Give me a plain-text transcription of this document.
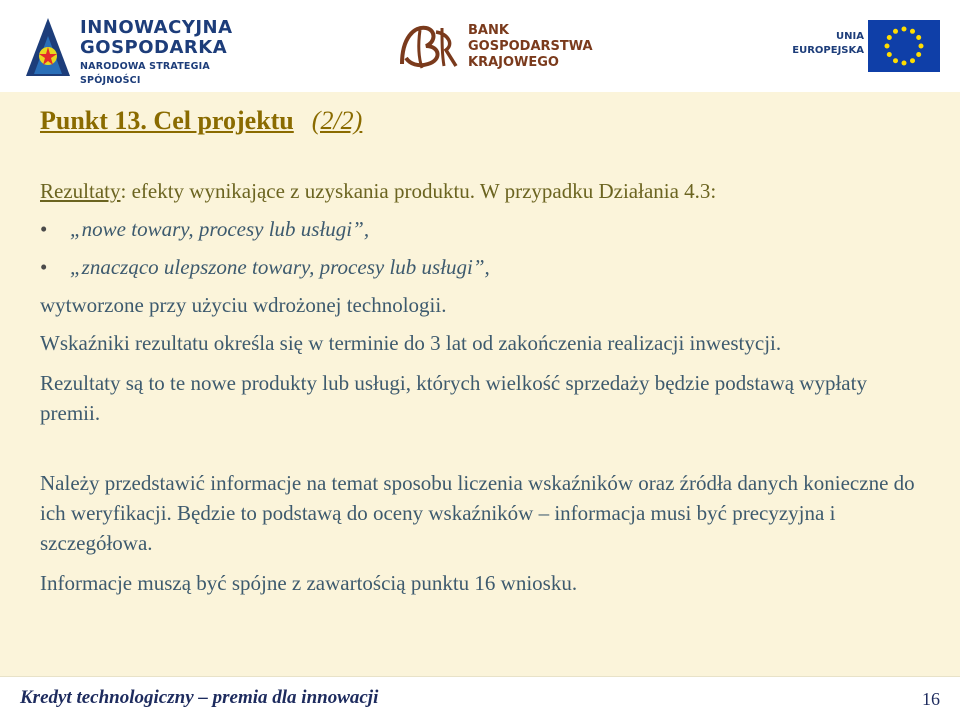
INNOWACYJNA
GOSPODARKA
NARODOWA STRATEGIA SPÓJNOŚCI
BANK
GOSPODARSTWA
KRAJOWEGO
UNIA
EUROPEJSKA
Punkt 13. Cel projektu (2/2)

Rezultaty: efekty wynikające z uzyskania produktu. W przypadku Działania 4.3:

• „nowe towary, procesy lub usługi”,

• „znacząco ulepszone towary, procesy lub usługi”,

wytworzone przy użyciu wdrożonej technologii.

Wskaźniki rezultatu określa się w terminie do 3 lat od zakończenia realizacji inwestycji.

Rezultaty są to te nowe produkty lub usługi, których wielkość sprzedaży będzie podstawą wypłaty premii.

Należy przedstawić informacje na temat sposobu liczenia wskaźników oraz źródła danych konieczne do ich weryfikacji. Będzie to podstawą do oceny wskaźników – informacja musi być precyzyjna i szczegółowa.

Informacje muszą być spójne z zawartością punktu 16 wniosku.

Kredyt technologiczny – premia dla innowacji	16
